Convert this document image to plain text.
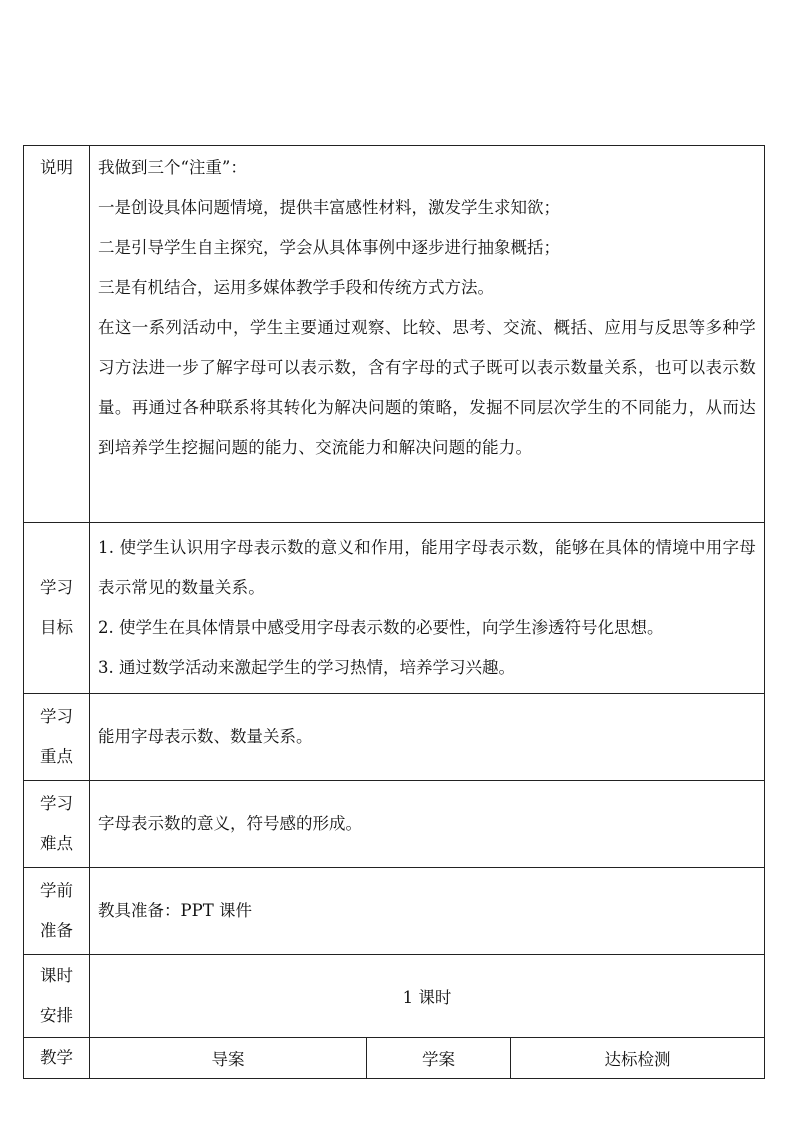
说明	我做到三个“注重”：
一是创设具体问题情境，提供丰富感性材料，激发学生求知欲；
二是引导学生自主探究，学会从具体事例中逐步进行抽象概括；
三是有机结合，运用多媒体教学手段和传统方式方法。
在这一系列活动中，学生主要通过观察、比较、思考、交流、概括、应用与反思等多种学习方法进一步了解字母可以表示数，含有字母的式子既可以表示数量关系，也可以表示数量。再通过各种联系将其转化为解决问题的策略，发掘不同层次学生的不同能力，从而达到培养学生挖掘问题的能力、交流能力和解决问题的能力。		

学习
目标	1. 使学生认识用字母表示数的意义和作用，能用字母表示数，能够在具体的情境中用字母表示常见的数量关系。
2. 使学生在具体情景中感受用字母表示数的必要性，向学生渗透符号化思想。
3. 通过数学活动来激起学生的学习热情，培养学习兴趣。		

学习
重点	能用字母表示数、数量关系。		

学习
难点	字母表示数的意义，符号感的形成。		

学前
准备	教具准备：PPT 课件		

课时
安排	1 课时		
教学	导案	学案	达标检测
